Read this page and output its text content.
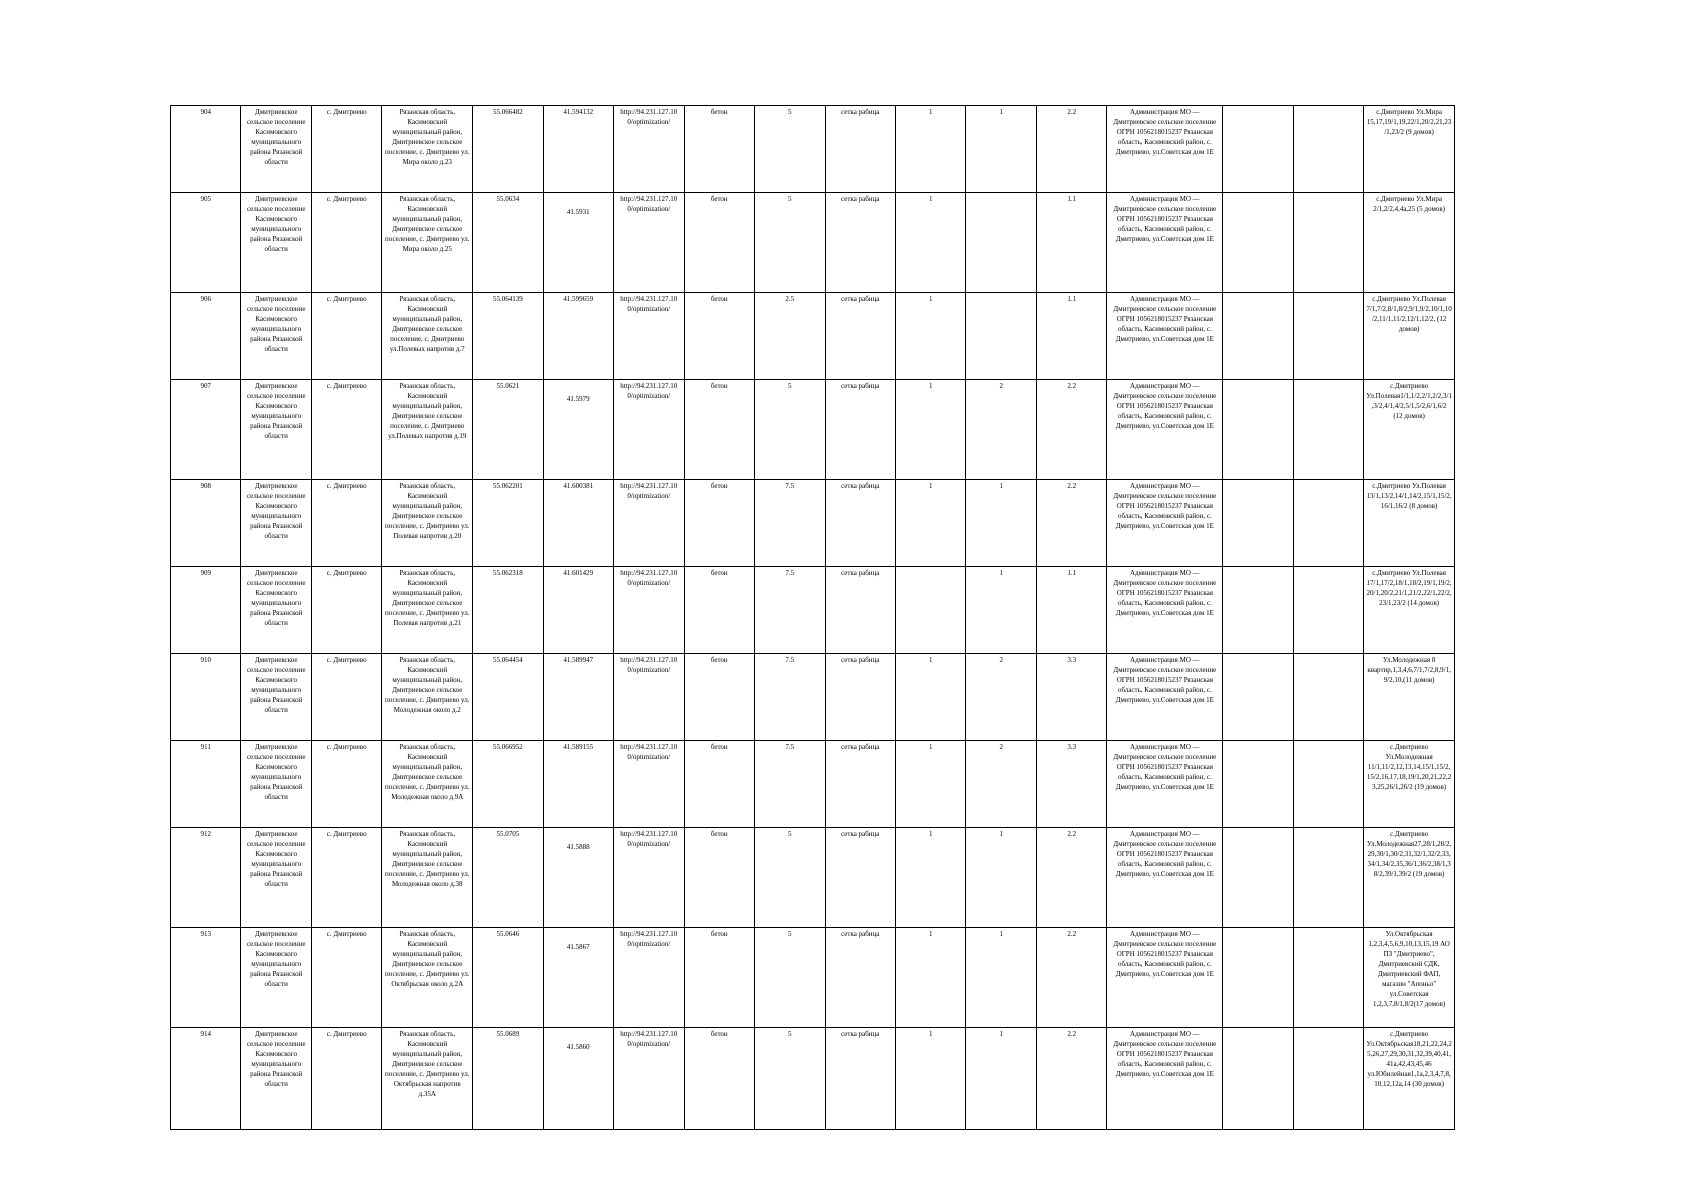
904	Дмитриевское сельское поселение Касимовского муниципального района Рязанской области	с. Дмитриево	Рязанская область, Касимовский муниципальный район, Дмитриевское сельское поселение, с. Дмитриево ул. Мира около д.23	55.066482	41.594132	http://94.231.127.10 0/optimization/	бетон	5	сетка рабица	1	1	2.2	Администрация МО — Дмитриевское сельское поселение ОГРН 1056218015237 Рязанская область, Касимовский район, с. Дмитриево, ул.Советская дом 1Е			с.Дмитриево Ул.Мира 15,17,19/1,19,22/1,20/2,21,23/1,23/2 (9 домов)
905	Дмитриевское сельское поселение Касимовского муниципального района Рязанской области	с. Дмитриево	Рязанская область, Касимовский муниципальный район, Дмитриевское сельское поселение, с. Дмитриево ул. Мира около д.25	55.0634	41.5931	http://94.231.127.10 0/optimization/	бетон	5	сетка рабица	1		1.1	Администрация МО — Дмитриевское сельское поселение ОГРН 1056218015237 Рязанская область, Касимовский район, с. Дмитриево, ул.Советская дом 1Е			с.Дмитриево Ул.Мира 2/1,2/2,4,4а,25 (5 домов)
906	Дмитриевское сельское поселение Касимовского муниципального района Рязанской области	с. Дмитриево	Рязанская область, Касимовский муниципальный район, Дмитриевское сельское поселение, с. Дмитриево ул.Полевых напротив д.7	55.064139	41.599659	http://94.231.127.10 0/optimization/	бетон	2.5	сетка рабица	1		1.1	Администрация МО — Дмитриевское сельское поселение ОГРН 1056218015237 Рязанская область, Касимовский район, с. Дмитриево, ул.Советская дом 1Е			с.Дмитриево Ул.Полевая 7/1,7/2,8/1,8/2,9/1,9/2,10/1,10/2,11/1,11/2,12/1,12/2, (12 домов)
907	Дмитриевское сельское поселение Касимовского муниципального района Рязанской области	с. Дмитриево	Рязанская область, Касимовский муниципальный район, Дмитриевское сельское поселение, с. Дмитриево ул.Полевых напротив д.19	55.0621	41.5979	http://94.231.127.10 0/optimization/	бетон	5	сетка рабица	1	2	2.2	Администрация МО — Дмитриевское сельское поселение ОГРН 1056218015237 Рязанская область, Касимовский район, с. Дмитриево, ул.Советская дом 1Е			с.Дмитриево Ул.Полевая1/1,1/2,2/1,2/2,3/1,3/2,4/1,4/2,5/1,5/2,6/1,6/2 (12 домов)
908	Дмитриевское сельское поселение Касимовского муниципального района Рязанской области	с. Дмитриево	Рязанская область, Касимовский муниципальный район, Дмитриевское сельское поселение, с. Дмитриево ул. Полевая напротив д.20	55.062201	41.600381	http://94.231.127.10 0/optimization/	бетон	7.5	сетка рабица	1	1	2.2	Администрация МО — Дмитриевское сельское поселение ОГРН 1056218015237 Рязанская область, Касимовский район, с. Дмитриево, ул.Советская дом 1Е			с.Дмитриево Ул.Полевая 13/1,13/2,14/1,14/2,15/1,15/2,16/1,16/2 (8 домов)
909	Дмитриевское сельское поселение Касимовского муниципального района Рязанской области	с. Дмитриево	Рязанская область, Касимовский муниципальный район, Дмитриевское сельское поселение, с. Дмитриево ул. Полевая напротив д.21	55.062318	41.601429	http://94.231.127.10 0/optimization/	бетон	7.5	сетка рабица		1	1.1	Администрация МО — Дмитриевское сельское поселение ОГРН 1056218015237 Рязанская область, Касимовский район, с. Дмитриево, ул.Советская дом 1Е			с.Дмитриево Ул.Полевая 17/1,17/2,18/1,18/2,19/1,19/2,20/1,20/2,21/1,21/2,22/1,22/2,23/1,23/2 (14 домов)
910	Дмитриевское сельское поселение Касимовского муниципального района Рязанской области	с. Дмитриево	Рязанская область, Касимовский муниципальный район, Дмитриевское сельское поселение, с. Дмитриево ул. Молодежная около д.2	55.064454	41.589947	http://94.231.127.10 0/optimization/	бетон	7.5	сетка рабица	1	2	3.3	Администрация МО — Дмитриевское сельское поселение ОГРН 1056218015237 Рязанская область, Касимовский район, с. Дмитриево, ул.Советская дом 1Е			Ул.Молодежная 8 квартир,1,3,4,6,7/1,7/2,8,9/1,9/2,10,(11 домов)
911	Дмитриевское сельское поселение Касимовского муниципального района Рязанской области	с. Дмитриево	Рязанская область, Касимовский муниципальный район, Дмитриевское сельское поселение, с. Дмитриево ул. Молодежная около д.9А	55.066952	41.589155	http://94.231.127.10 0/optimization/	бетон	7.5	сетка рабица	1	2	3.3	Администрация МО — Дмитриевское сельское поселение ОГРН 1056218015237 Рязанская область, Касимовский район, с. Дмитриево, ул.Советская дом 1Е			с.Дмитриево Ул.Молодежная 11/1,11/2,12,13,14,15/1,15/2,15/2,16,17,18,19/1,20,21,22,23,25,26/1,26/2 (19 домов)
912	Дмитриевское сельское поселение Касимовского муниципального района Рязанской области	с. Дмитриево	Рязанская область, Касимовский муниципальный район, Дмитриевское сельское поселение, с. Дмитриево ул. Молодежная около д.38	55.0705	41.5888	http://94.231.127.10 0/optimization/	бетон	5	сетка рабица	1	1	2.2	Администрация МО — Дмитриевское сельское поселение ОГРН 1056218015237 Рязанская область, Касимовский район, с. Дмитриево, ул.Советская дом 1Е			с.Дмитриево Ул.Молодежная27,28/1,28/2,29,30/1,30/2,31,32/1,32/2,33,34/1,34/2,35,36/1,36/2,38/1,38/2,39/1,39/2 (19 домов)
913	Дмитриевское сельское поселение Касимовского муниципального района Рязанской области	с. Дмитриево	Рязанская область, Касимовский муниципальный район, Дмитриевское сельское поселение, с. Дмитриево ул. Октябрьская около д.2А	55.0646	41.5867	http://94.231.127.10 0/optimization/	бетон	5	сетка рабица	1	1	2.2	Администрация МО — Дмитриевское сельское поселение ОГРН 1056218015237 Рязанская область, Касимовский район, с. Дмитриево, ул.Советская дом 1Е			Ул.Октябрьская 1,2,3,4,5,6,9,10,13,15,19 АО ПЗ "Дмитриево", Дмитриевский СДК, Дмитриевский ФАП, магазин "Апоньо" ул.Советская 1,2,3,7,8/1,8/2(17 домов)
914	Дмитриевское сельское поселение Касимовского муниципального района Рязанской области	с. Дмитриево	Рязанская область, Касимовский муниципальный район, Дмитриевское сельское поселение, с. Дмитриево ул. Октябрьская напротив д.35А	55.0689	41.5860	http://94.231.127.10 0/optimization/	бетон	5	сетка рабица	1	1	2.2	Администрация МО — Дмитриевское сельское поселение ОГРН 1056218015237 Рязанская область, Касимовский район, с. Дмитриево, ул.Советская дом 1Е			с.Дмитриево Ул.Октябрьская18,21,22,24,25,26,27,29,30,31,32,39,40,41,41а,42,43,45,46 ул.Юбилейная1,1а,2,3,4,7,8,10,12,12а,14 (30 домов)
